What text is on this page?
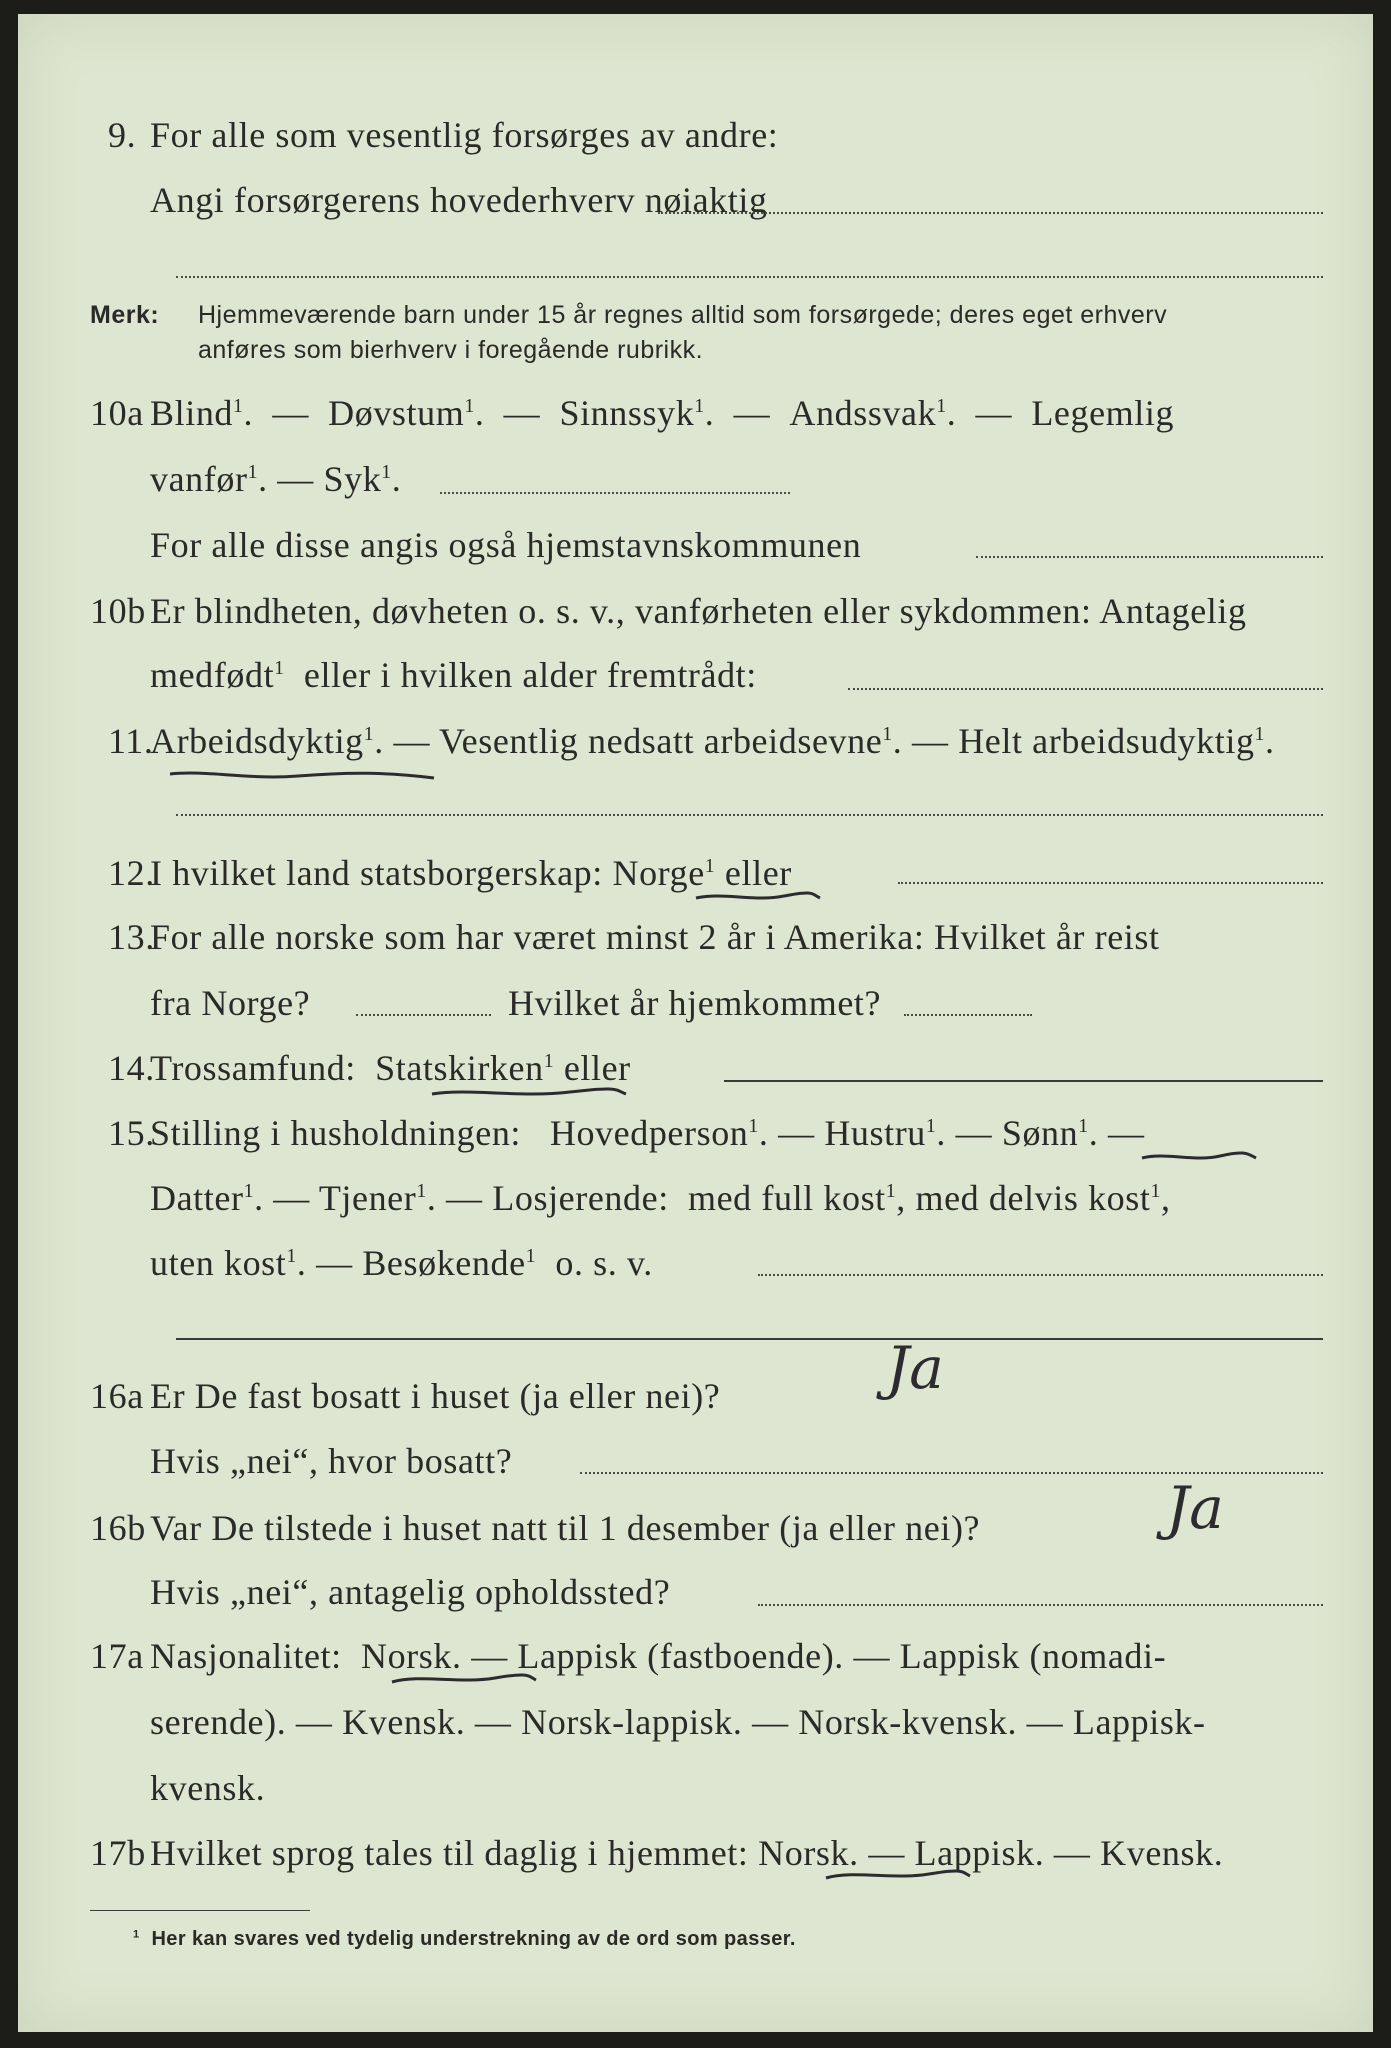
9. For alle som vesentlig forsørges av andre:
Angi forsørgerens hovederhverv nøiaktig
Merk: Hjemmeværende barn under 15 år regnes alltid som forsørgede; deres eget erhverv
anføres som bierhverv i foregående rubrikk.
10a Blind$^1$.  —  Døvstum$^1$.  —  Sinnssyk$^1$.  —  Andssvak$^1$.  —  Legemlig
vanfør$^1$. — Syk$^1$.
For alle disse angis også hjemstavnskommunen
10b Er blindheten, døvheten o. s. v., vanførheten eller sykdommen: Antagelig
medfødt$^1$ eller i hvilken alder fremtrådt:
11.
Arbeidsdyktig$^1$. — Vesentlig nedsatt arbeidsevne$^1$. — Helt arbeidsudyktig$^1$.
12.
I hvilket land statsborgerskap: Norge$^1$ eller
13.
For alle norske som har været minst 2 år i Amerika: Hvilket år reist
fra Norge?	Hvilket år hjemkommet?
14.
Trossamfund: Statskirken$^1$ eller
15.
Stilling i husholdningen: Hovedperson$^1$. — Hustru$^1$. — Sønn$^1$. —
Datter$^1$. — Tjener$^1$. — Losjerende: med full kost$^1$, med delvis kost$^1$,
uten kost$^1$. — Besøkende$^1$ o. s. v.
16a Er De fast bosatt i huset (ja eller nei)?	Ja
Hvis „nei“, hvor bosatt?
16b Var De tilstede i huset natt til 1 desember (ja eller nei)?	Ja
Hvis „nei“, antagelig opholdssted?
17a Nasjonalitet: Norsk. — Lappisk (fastboende). — Lappisk (nomadi-
serende). — Kvensk. — Norsk-lappisk. — Norsk-kvensk. — Lappisk-
kvensk.
17b Hvilket sprog tales til daglig i hjemmet: Norsk. — Lappisk. — Kvensk.
$^1$ Her kan svares ved tydelig understrekning av de ord som passer.
